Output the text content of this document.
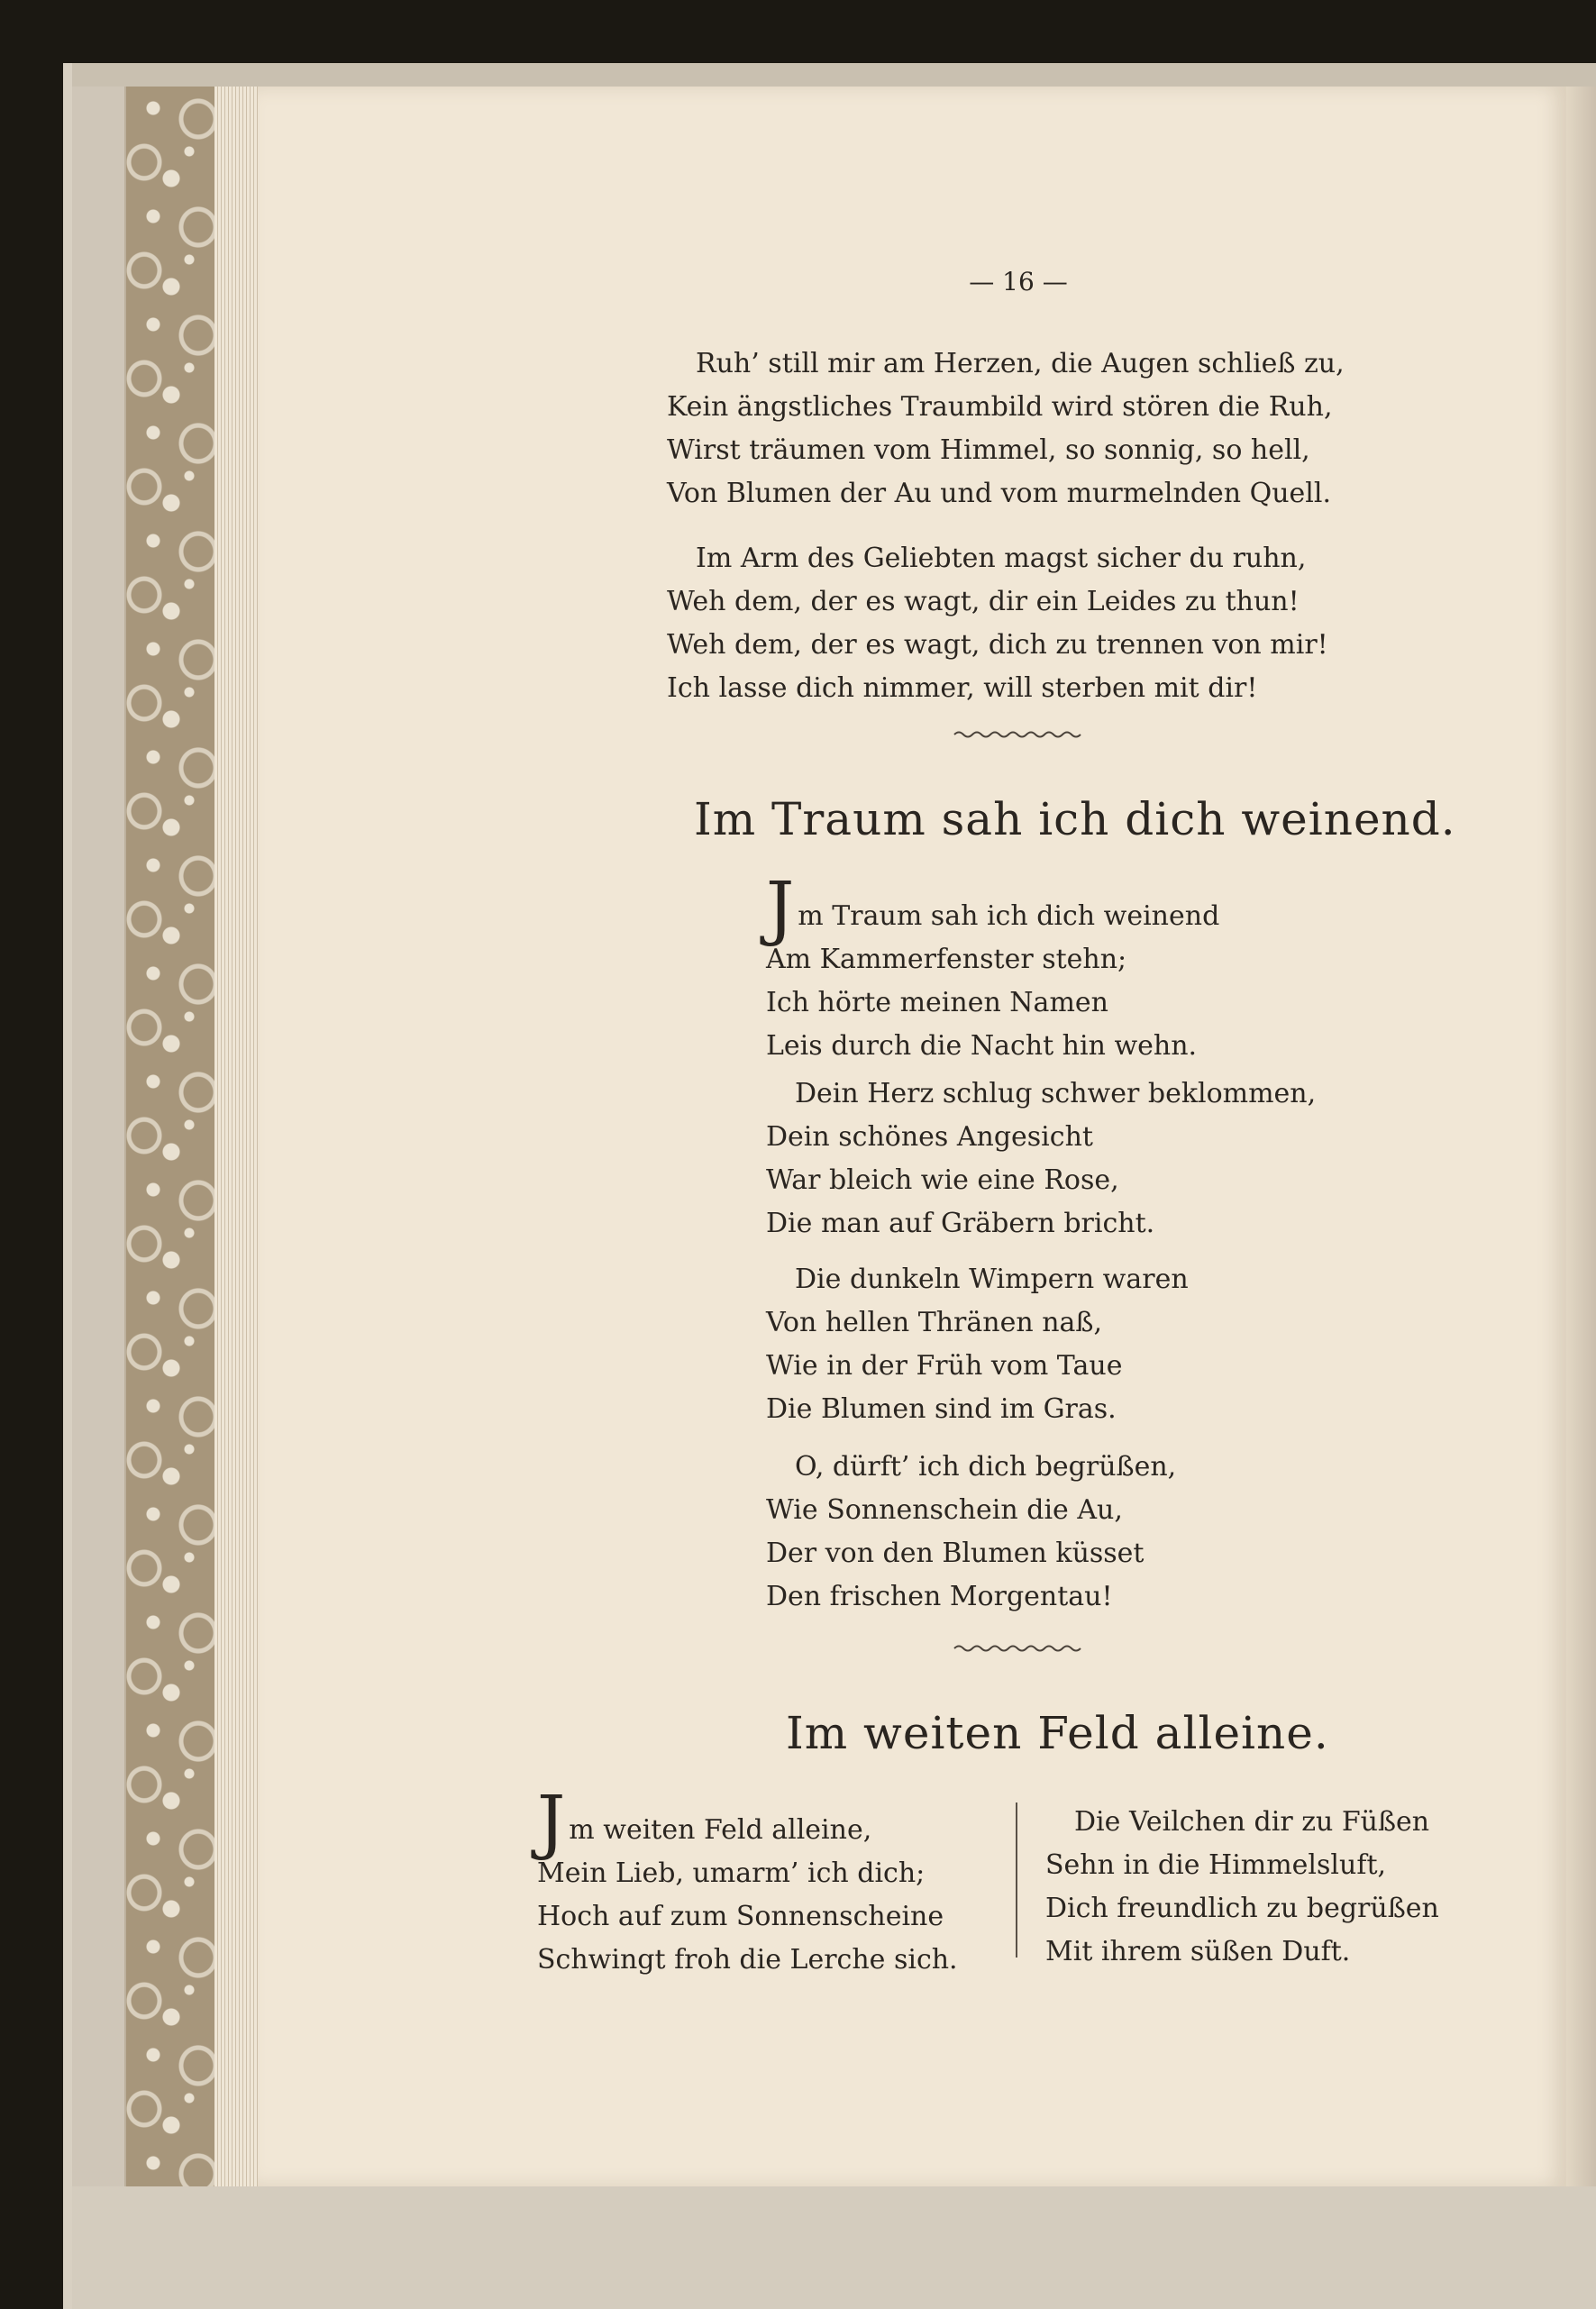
— 16 —
Ruh’ still mir am Herzen, die Augen schließ zu,
Kein ängstliches Traumbild wird stören die Ruh,
Wirst träumen vom Himmel, so sonnig, so hell,
Von Blumen der Au und vom murmelnden Quell.
Im Arm des Geliebten magst sicher du ruhn,
Weh dem, der es wagt, dir ein Leides zu thun!
Weh dem, der es wagt, dich zu trennen von mir!
Ich lasse dich nimmer, will sterben mit dir!
Im Traum sah ich dich weinend.
Jm Traum sah ich dich weinend
Am Kammerfenster stehn;
Ich hörte meinen Namen
Leis durch die Nacht hin wehn.
Dein Herz schlug schwer beklommen,
Dein schönes Angesicht
War bleich wie eine Rose,
Die man auf Gräbern bricht.
Die dunkeln Wimpern waren
Von hellen Thränen naß,
Wie in der Früh vom Taue
Die Blumen sind im Gras.
O, dürft’ ich dich begrüßen,
Wie Sonnenschein die Au,
Der von den Blumen küsset
Den frischen Morgentau!
Im weiten Feld alleine.
Jm weiten Feld alleine,
Mein Lieb, umarm’ ich dich;
Hoch auf zum Sonnenscheine
Schwingt froh die Lerche sich.
Die Veilchen dir zu Füßen
Sehn in die Himmelsluft,
Dich freundlich zu begrüßen
Mit ihrem süßen Duft.
